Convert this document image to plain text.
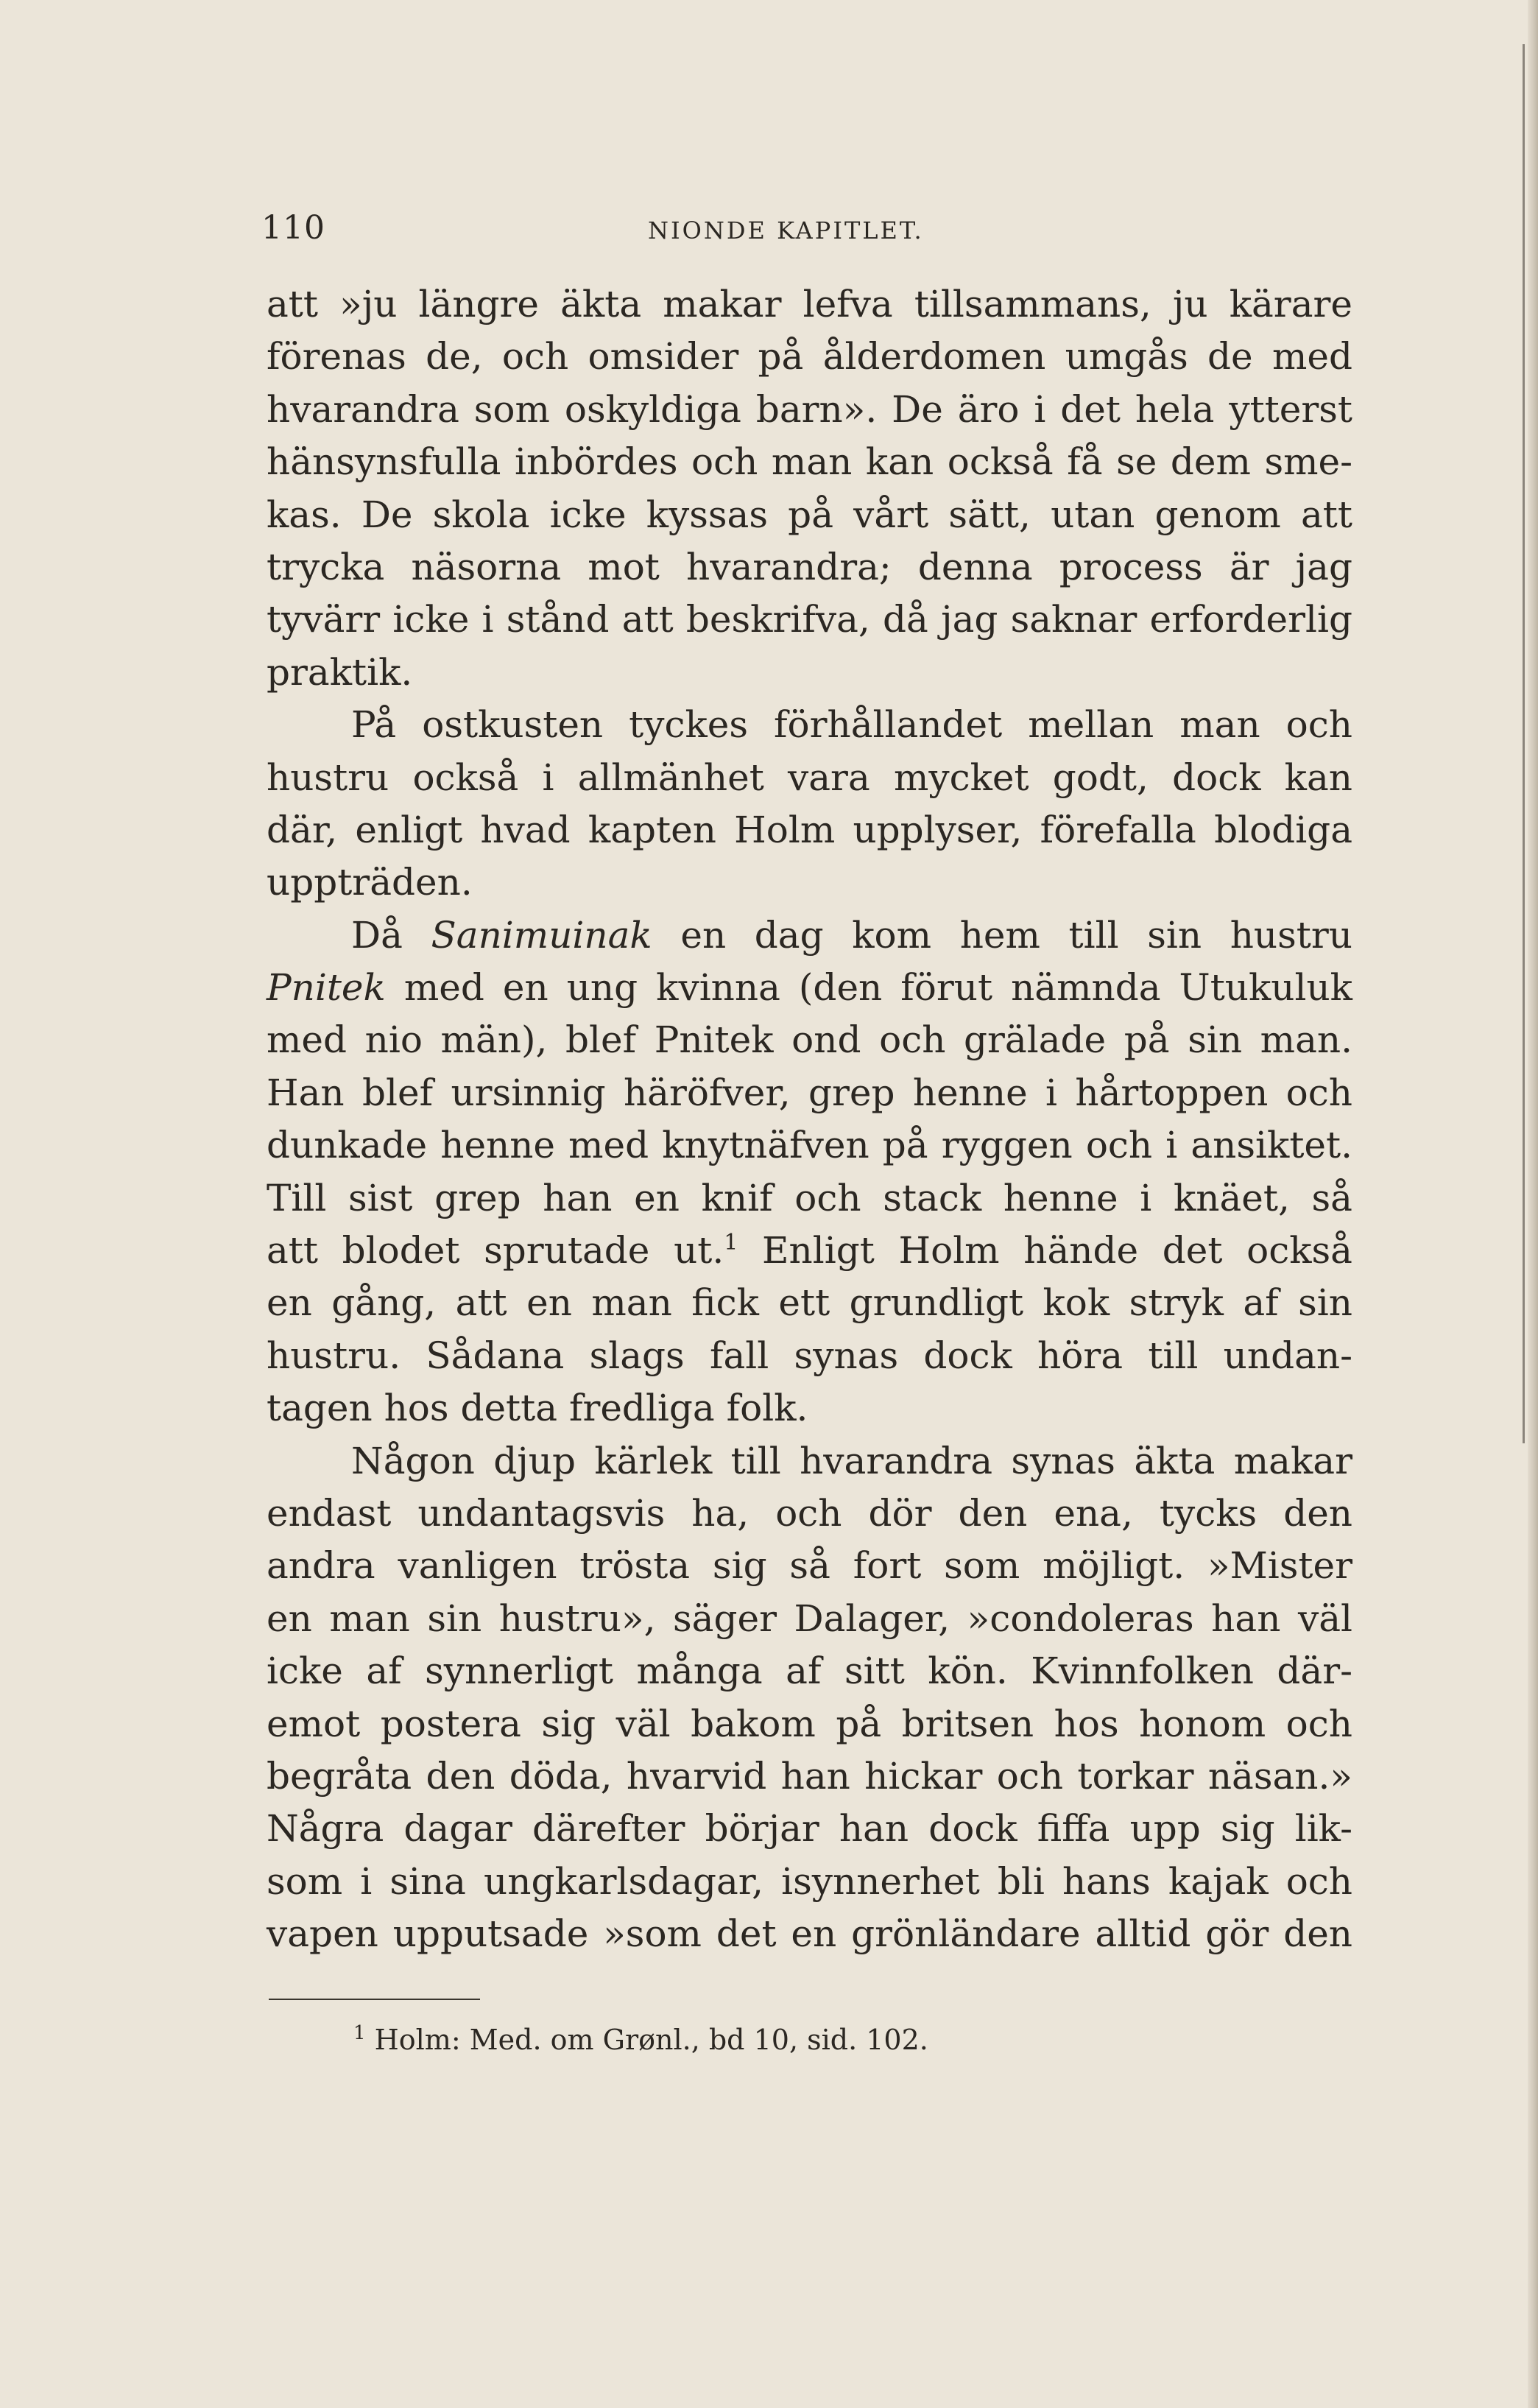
110	NIONDE KAPITLET.
att »ju längre äkta makar lefva tillsammans, ju kärare
förenas de, och omsider på ålderdomen umgås de med
hvarandra som oskyldiga barn». De äro i det hela ytterst
hänsynsfulla inbördes och man kan också få se dem sme-
kas. De skola icke kyssas på vårt sätt, utan genom att
trycka näsorna mot hvarandra; denna process är jag
tyvärr icke i stånd att beskrifva, då jag saknar erforderlig
praktik.
På ostkusten tyckes förhållandet mellan man och
hustru också i allmänhet vara mycket godt, dock kan
där, enligt hvad kapten Holm upplyser, förefalla blodiga
uppträden.
Då Sanimuinak en dag kom hem till sin hustru
Pnitek med en ung kvinna (den förut nämnda Utukuluk
med nio män), blef Pnitek ond och grälade på sin man.
Han blef ursinnig häröfver, grep henne i hårtoppen och
dunkade henne med knytnäfven på ryggen och i ansiktet.
Till sist grep han en knif och stack henne i knäet, så
att blodet sprutade ut.$^1$ Enligt Holm hände det också
en gång, att en man fick ett grundligt kok stryk af sin
hustru. Sådana slags fall synas dock höra till undan-
tagen hos detta fredliga folk.
Någon djup kärlek till hvarandra synas äkta makar
endast undantagsvis ha, och dör den ena, tycks den
andra vanligen trösta sig så fort som möjligt. »Mister
en man sin hustru», säger Dalager, »condoleras han väl
icke af synnerligt många af sitt kön. Kvinnfolken där-
emot postera sig väl bakom på britsen hos honom och
begråta den döda, hvarvid han hickar och torkar näsan.»
Några dagar därefter börjar han dock fiffa upp sig lik-
som i sina ungkarlsdagar, isynnerhet bli hans kajak och
vapen upputsade »som det en grönländare alltid gör den
$^1$ Holm: Med. om Grønl., bd 10, sid. 102.
